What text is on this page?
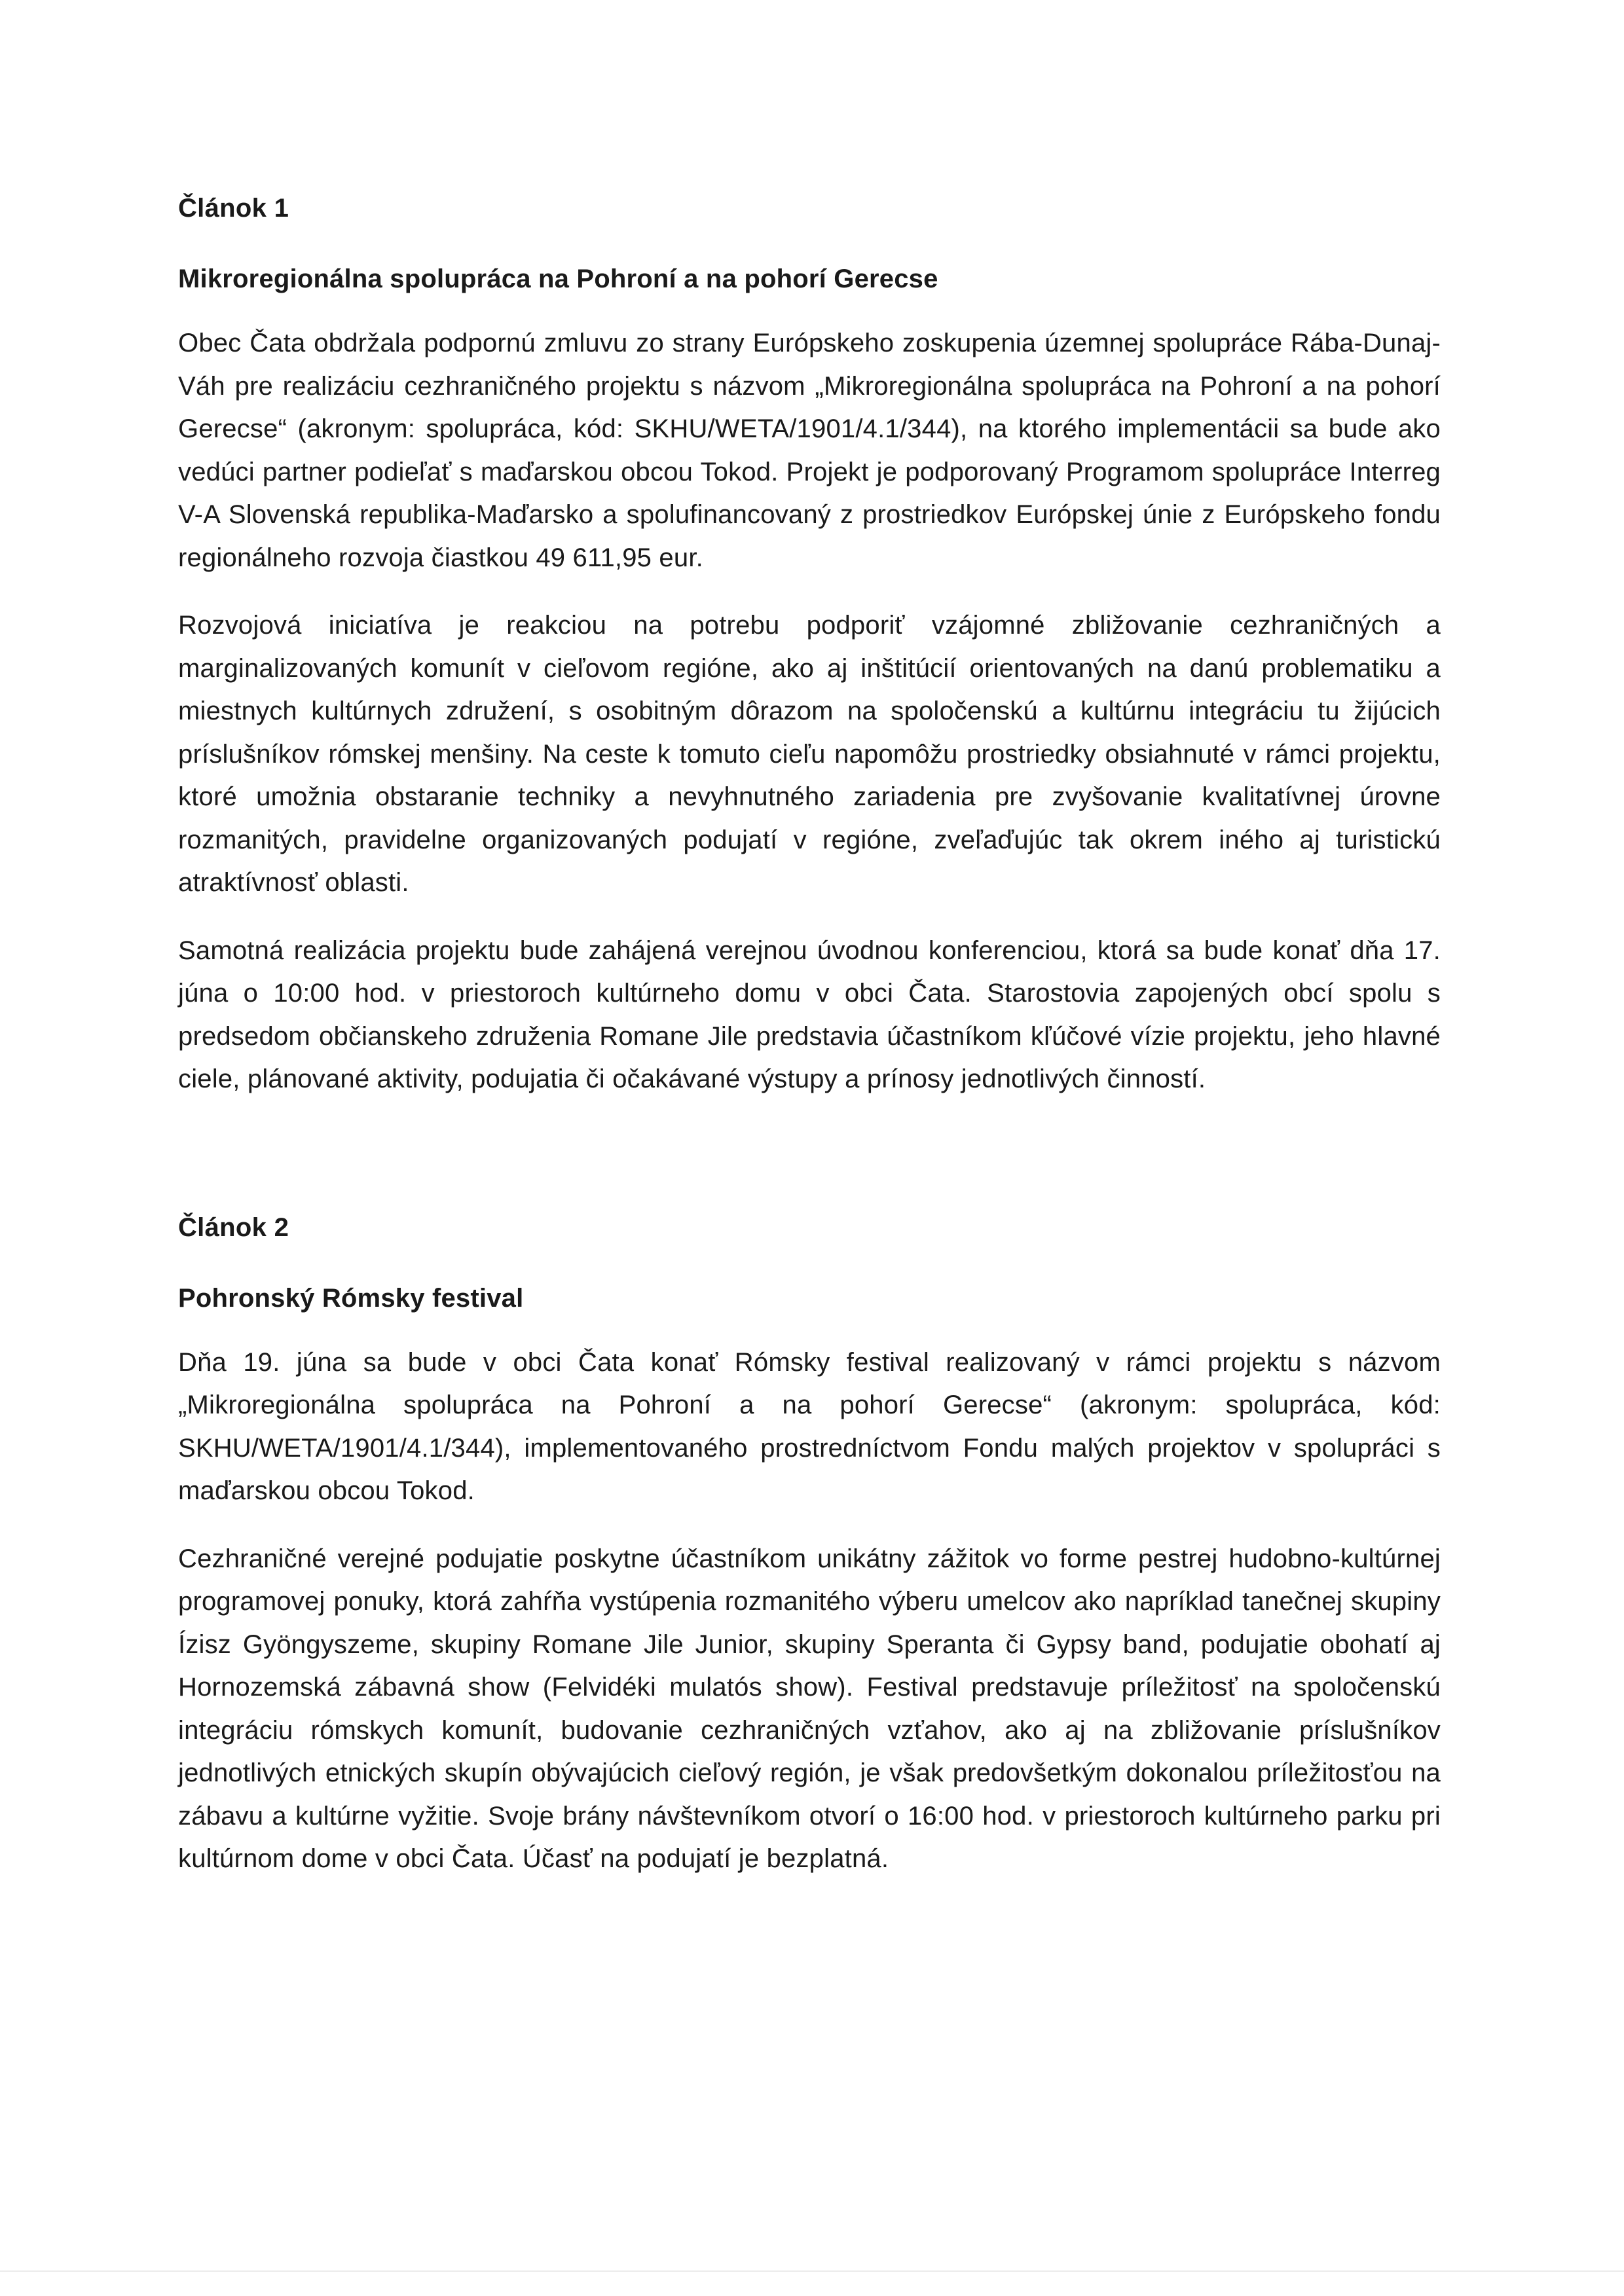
Článok 1
Mikroregionálna spolupráca na Pohroní a na pohorí Gerecse

Obec Čata obdržala podpornú zmluvu zo strany Európskeho zoskupenia územnej spolupráce Rába-Dunaj-Váh pre realizáciu cezhraničného projektu s názvom „Mikroregionálna spolupráca na Pohroní a na pohorí Gerecse“ (akronym: spolupráca, kód: SKHU/WETA/1901/4.1/344), na ktorého implementácii sa bude ako vedúci partner podieľať s maďarskou obcou Tokod. Projekt je podporovaný Programom spolupráce Interreg V-A Slovenská republika-Maďarsko a spolufinancovaný z prostriedkov Európskej únie z Európskeho fondu regionálneho rozvoja čiastkou 49 611,95 eur.

Rozvojová iniciatíva je reakciou na potrebu podporiť vzájomné zbližovanie cezhraničných a marginalizovaných komunít v cieľovom regióne, ako aj inštitúcií orientovaných na danú problematiku a miestnych kultúrnych združení, s osobitným dôrazom na spoločenskú a kultúrnu integráciu tu žijúcich príslušníkov rómskej menšiny. Na ceste k tomuto cieľu napomôžu prostriedky obsiahnuté v rámci projektu, ktoré umožnia obstaranie techniky a nevyhnutného zariadenia pre zvyšovanie kvalitatívnej úrovne rozmanitých, pravidelne organizovaných podujatí v regióne, zveľaďujúc tak okrem iného aj turistickú atraktívnosť oblasti.

Samotná realizácia projektu bude zahájená verejnou úvodnou konferenciou, ktorá sa bude konať dňa 17. júna o 10:00 hod. v priestoroch kultúrneho domu v obci Čata. Starostovia zapojených obcí spolu s predsedom občianskeho združenia Romane Jile predstavia účastníkom kľúčové vízie projektu, jeho hlavné ciele, plánované aktivity, podujatia či očakávané výstupy a prínosy jednotlivých činností.

Článok 2
Pohronský Rómsky festival

Dňa 19. júna sa bude v obci Čata konať Rómsky festival realizovaný v rámci projektu s názvom „Mikroregionálna spolupráca na Pohroní a na pohorí Gerecse“ (akronym: spolupráca, kód: SKHU/WETA/1901/4.1/344), implementovaného prostredníctvom Fondu malých projektov v spolupráci s maďarskou obcou Tokod.

Cezhraničné verejné podujatie poskytne účastníkom unikátny zážitok vo forme pestrej hudobno-kultúrnej programovej ponuky, ktorá zahŕňa vystúpenia rozmanitého výberu umelcov ako napríklad tanečnej skupiny Ízisz Gyöngyszeme, skupiny Romane Jile Junior, skupiny Speranta či Gypsy band, podujatie obohatí aj Hornozemská zábavná show (Felvidéki mulatós show). Festival predstavuje príležitosť na spoločenskú integráciu rómskych komunít, budovanie cezhraničných vzťahov, ako aj na zbližovanie príslušníkov jednotlivých etnických skupín obývajúcich cieľový región, je však predovšetkým dokonalou príležitosťou na zábavu a kultúrne vyžitie. Svoje brány návštevníkom otvorí o 16:00 hod. v priestoroch kultúrneho parku pri kultúrnom dome v obci Čata. Účasť na podujatí je bezplatná.
